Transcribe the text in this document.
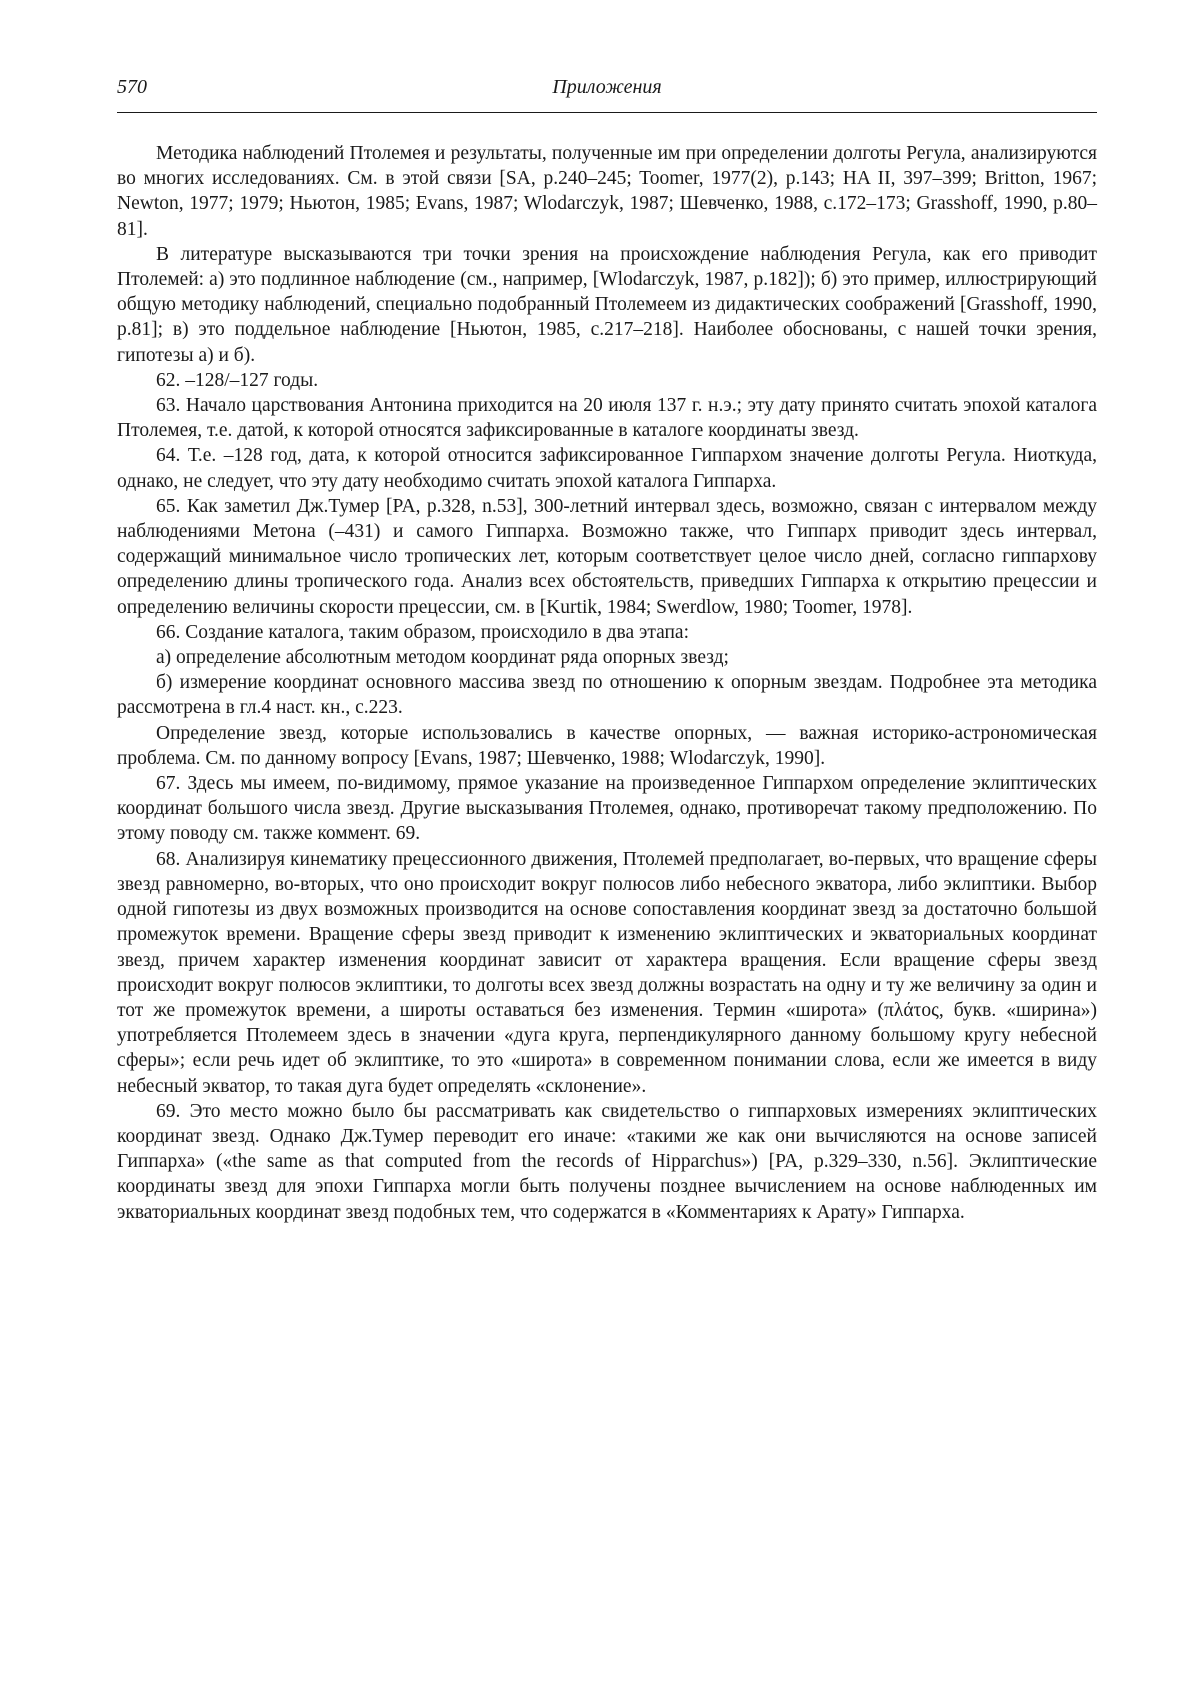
570	Приложения

Методика наблюдений Птолемея и результаты, полученные им при определении долготы Регула, анализируются во многих исследованиях. См. в этой связи [SA, p.240–245; Toomer, 1977(2), p.143; HA II, 397–399; Britton, 1967; Newton, 1977; 1979; Ньютон, 1985; Evans, 1987; Wlodarczyk, 1987; Шевченко, 1988, с.172–173; Grasshoff, 1990, p.80–81].

В литературе высказываются три точки зрения на происхождение наблюдения Регула, как его приводит Птолемей: а) это подлинное наблюдение (см., например, [Wlodarczyk, 1987, p.182]); б) это пример, иллюстрирующий общую методику наблюдений, специально подобранный Птолемеем из дидактических соображений [Grasshoff, 1990, p.81]; в) это поддельное наблюдение [Ньютон, 1985, с.217–218]. Наиболее обоснованы, с нашей точки зрения, гипотезы а) и б).

62. –128/–127 годы.

63. Начало царствования Антонина приходится на 20 июля 137 г. н.э.; эту дату принято считать эпохой каталога Птолемея, т.е. датой, к которой относятся зафиксированные в каталоге координаты звезд.

64. Т.е. –128 год, дата, к которой относится зафиксированное Гиппархом значение долготы Регула. Ниоткуда, однако, не следует, что эту дату необходимо считать эпохой каталога Гиппарха.

65. Как заметил Дж.Тумер [PA, p.328, n.53], 300-летний интервал здесь, возможно, связан с интервалом между наблюдениями Метона (–431) и самого Гиппарха. Возможно также, что Гиппарх приводит здесь интервал, содержащий минимальное число тропических лет, которым соответствует целое число дней, согласно гиппархову определению длины тропического года. Анализ всех обстоятельств, приведших Гиппарха к открытию прецессии и определению величины скорости прецессии, см. в [Kurtik, 1984; Swerdlow, 1980; Toomer, 1978].

66. Создание каталога, таким образом, происходило в два этапа:

а) определение абсолютным методом координат ряда опорных звезд;

б) измерение координат основного массива звезд по отношению к опорным звездам. Подробнее эта методика рассмотрена в гл.4 наст. кн., с.223.

Определение звезд, которые использовались в качестве опорных, — важная историко-астрономическая проблема. См. по данному вопросу [Evans, 1987; Шевченко, 1988; Wlodarczyk, 1990].

67. Здесь мы имеем, по-видимому, прямое указание на произведенное Гиппархом определение эклиптических координат большого числа звезд. Другие высказывания Птолемея, однако, противоречат такому предположению. По этому поводу см. также коммент. 69.

68. Анализируя кинематику прецессионного движения, Птолемей предполагает, во-первых, что вращение сферы звезд равномерно, во-вторых, что оно происходит вокруг полюсов либо небесного экватора, либо эклиптики. Выбор одной гипотезы из двух возможных производится на основе сопоставления координат звезд за достаточно большой промежуток времени. Вращение сферы звезд приводит к изменению эклиптических и экваториальных координат звезд, причем характер изменения координат зависит от характера вращения. Если вращение сферы звезд происходит вокруг полюсов эклиптики, то долготы всех звезд должны возрастать на одну и ту же величину за один и тот же промежуток времени, а широты оставаться без изменения. Термин «широта» (πλάτος, букв. «ширина») употребляется Птолемеем здесь в значении «дуга круга, перпендикулярного данному большому кругу небесной сферы»; если речь идет об эклиптике, то это «широта» в современном понимании слова, если же имеется в виду небесный экватор, то такая дуга будет определять «склонение».

69. Это место можно было бы рассматривать как свидетельство о гиппарховых измерениях эклиптических координат звезд. Однако Дж.Тумер переводит его иначе: «такими же как они вычисляются на основе записей Гиппарха» («the same as that computed from the records of Hipparchus») [PA, p.329–330, n.56]. Эклиптические координаты звезд для эпохи Гиппарха могли быть получены позднее вычислением на основе наблюденных им экваториальных координат звезд подобных тем, что содержатся в «Комментариях к Арату» Гиппарха.
